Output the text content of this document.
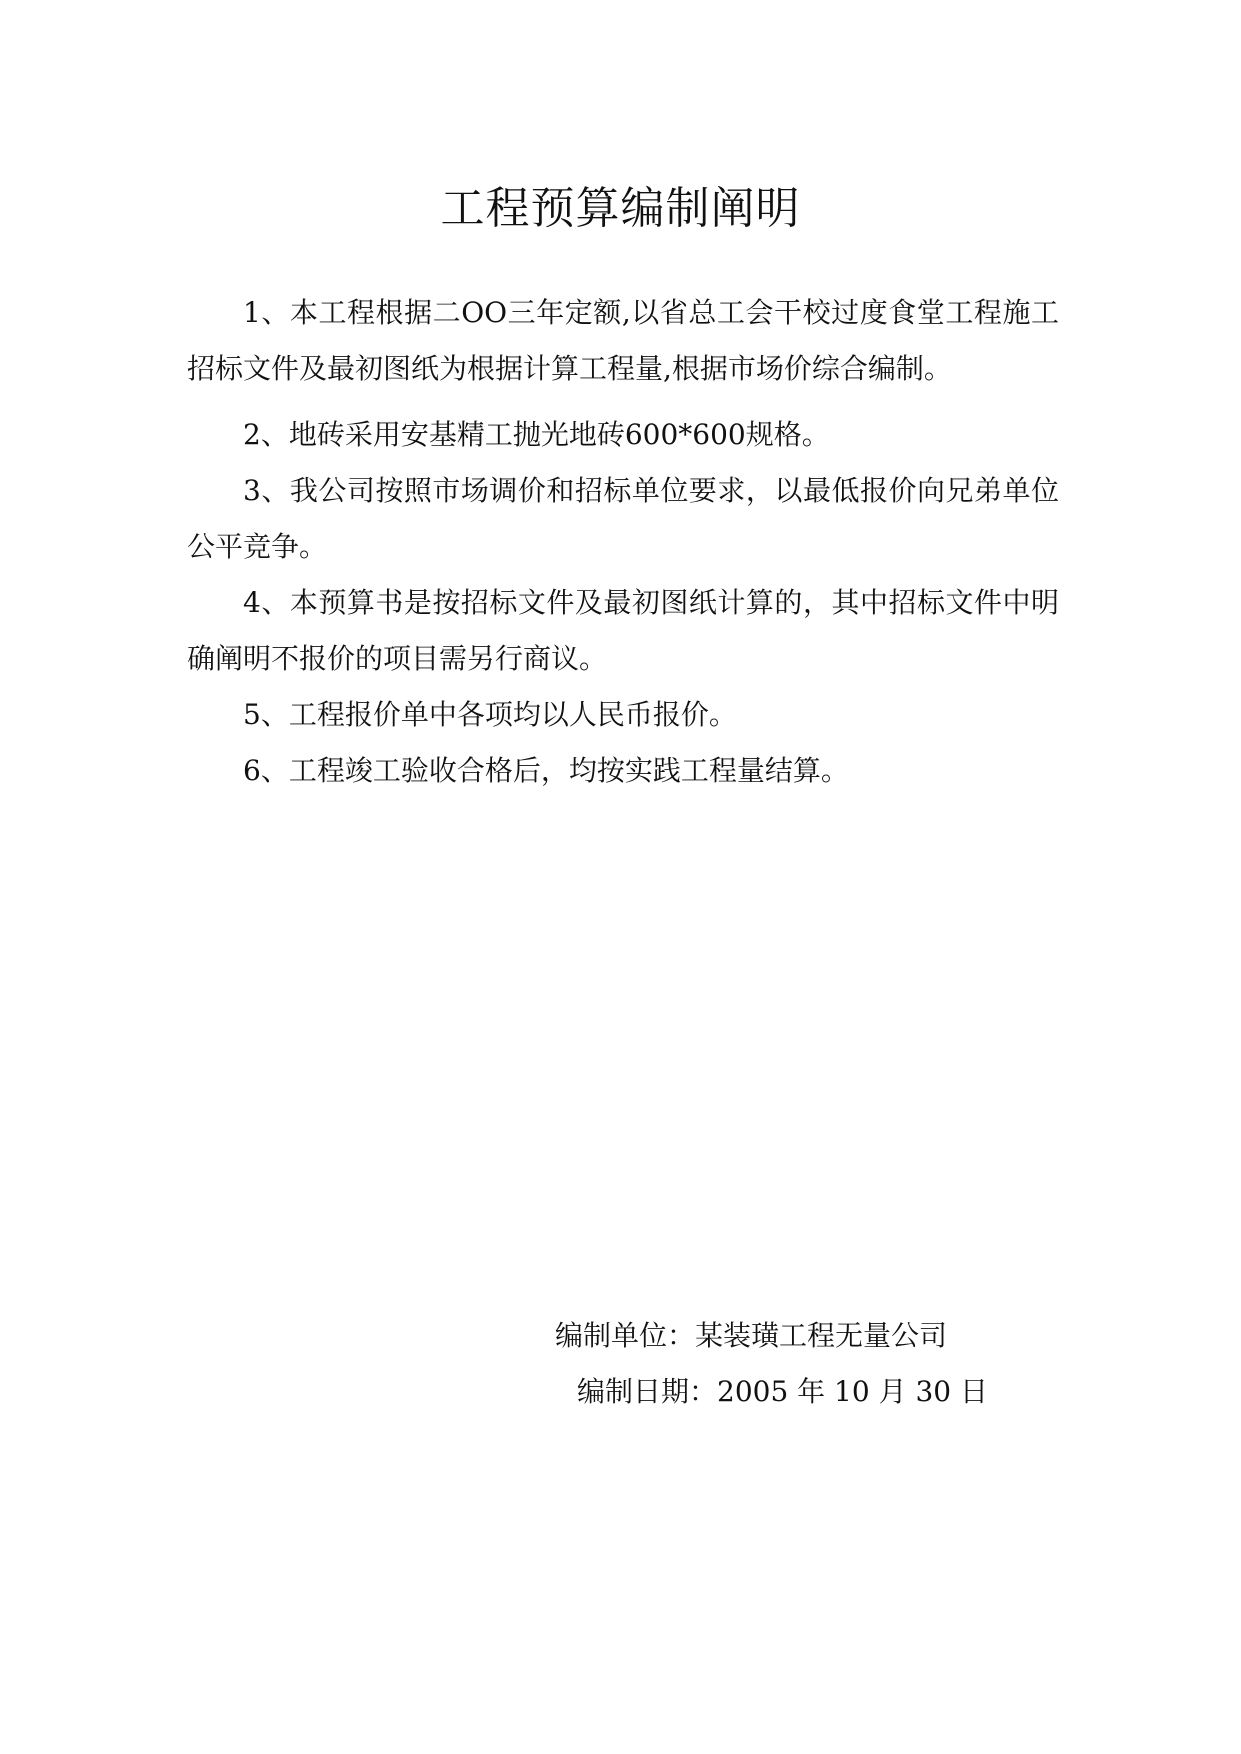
工程预算编制阐明

1、本工程根据二OO三年定额,以省总工会干校过度食堂工程施工招标文件及最初图纸为根据计算工程量,根据市场价综合编制。

2、地砖采用安基精工抛光地砖600*600规格。

3、我公司按照市场调价和招标单位要求，以最低报价向兄弟单位公平竞争。

4、本预算书是按招标文件及最初图纸计算的，其中招标文件中明确阐明不报价的项目需另行商议。

5、工程报价单中各项均以人民币报价。

6、工程竣工验收合格后，均按实践工程量结算。

编制单位：某装璜工程无量公司
编制日期：2005 年 10 月 30 日
